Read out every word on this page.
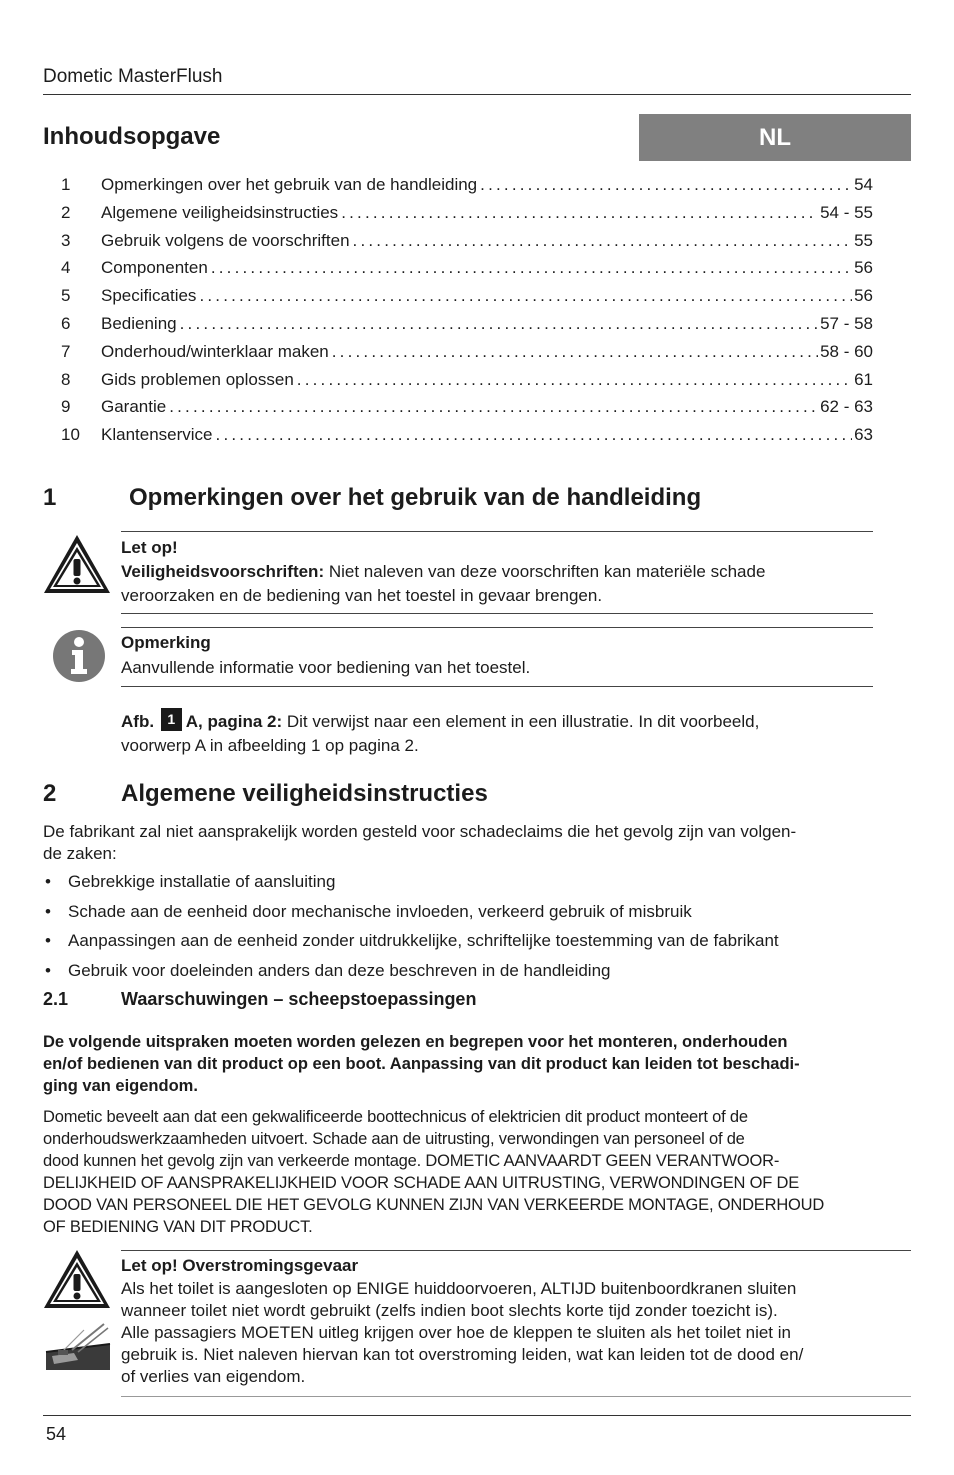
Dometic MasterFlush
Inhoudsopgave	NL
1 Opmerkingen over het gebruik van de handleiding .....	54
2 Algemene veiligheidsinstructies .....	54 - 55
3 Gebruik volgens de voorschriften .....	55
4 Componenten .....	56
5 Specificaties .....	56
6 Bediening .....	57 - 58
7 Onderhoud/winterklaar maken .....	58 - 60
8 Gids problemen oplossen .....	61
9 Garantie .....	62 - 63
10 Klantenservice .....	63
1	Opmerkingen over het gebruik van de handleiding
Let op!
Veiligheidsvoorschriften: Niet naleven van deze voorschriften kan materiële schade
veroorzaken en de bediening van het toestel in gevaar brengen.
Opmerking
Aanvullende informatie voor bediening van het toestel.
Afb. 1 A, pagina 2: Dit verwijst naar een element in een illustratie. In dit voorbeeld,
voorwerp A in afbeelding 1 op pagina 2.
2	Algemene veiligheidsinstructies
De fabrikant zal niet aansprakelijk worden gesteld voor schadeclaims die het gevolg zijn van volgen-
de zaken:
• Gebrekkige installatie of aansluiting
• Schade aan de eenheid door mechanische invloeden, verkeerd gebruik of misbruik
• Aanpassingen aan de eenheid zonder uitdrukkelijke, schriftelijke toestemming van de fabrikant
• Gebruik voor doeleinden anders dan deze beschreven in de handleiding
2.1	Waarschuwingen – scheepstoepassingen
De volgende uitspraken moeten worden gelezen en begrepen voor het monteren, onderhouden
en/of bedienen van dit product op een boot. Aanpassing van dit product kan leiden tot beschadi-
ging van eigendom.
Dometic beveelt aan dat een gekwalificeerde boottechnicus of elektricien dit product monteert of de
onderhoudswerkzaamheden uitvoert. Schade aan de uitrusting, verwondingen van personeel of de
dood kunnen het gevolg zijn van verkeerde montage. DOMETIC AANVAARDT GEEN VERANTWOOR-
DELIJKHEID OF AANSPRAKELIJKHEID VOOR SCHADE AAN UITRUSTING, VERWONDINGEN OF DE
DOOD VAN PERSONEEL DIE HET GEVOLG KUNNEN ZIJN VAN VERKEERDE MONTAGE, ONDERHOUD
OF BEDIENING VAN DIT PRODUCT.
Let op! Overstromingsgevaar
Als het toilet is aangesloten op ENIGE huiddoorvoeren, ALTIJD buitenboordkranen sluiten
wanneer toilet niet wordt gebruikt (zelfs indien boot slechts korte tijd zonder toezicht is).
Alle passagiers MOETEN uitleg krijgen over hoe de kleppen te sluiten als het toilet niet in
gebruik is. Niet naleven hiervan kan tot overstroming leiden, wat kan leiden tot de dood en/
of verlies van eigendom.
54
